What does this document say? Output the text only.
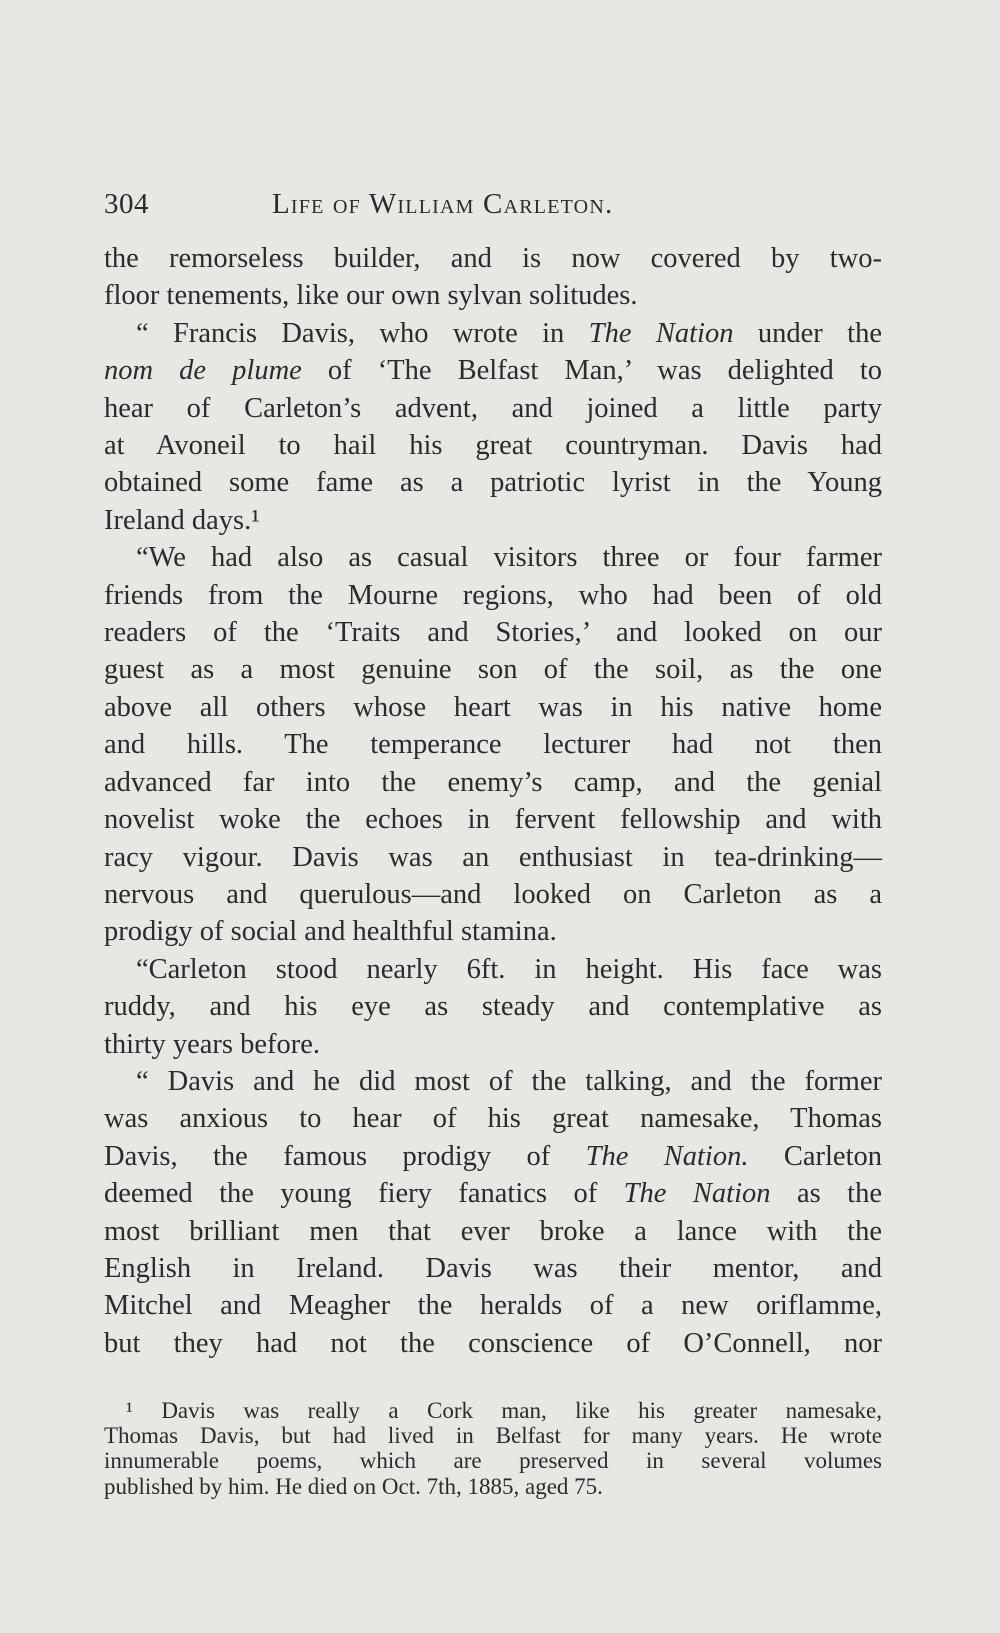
304	Life of William Carleton.
the remorseless builder, and is now covered by two-
floor tenements, like our own sylvan solitudes.
“ Francis Davis, who wrote in The Nation under the
nom de plume of ‘The Belfast Man,’ was delighted to
hear of Carleton’s advent, and joined a little party
at Avoneil to hail his great countryman. Davis had
obtained some fame as a patriotic lyrist in the Young
Ireland days.¹
“We had also as casual visitors three or four farmer
friends from the Mourne regions, who had been of old
readers of the ‘Traits and Stories,’ and looked on our
guest as a most genuine son of the soil, as the one
above all others whose heart was in his native home
and hills. The temperance lecturer had not then
advanced far into the enemy’s camp, and the genial
novelist woke the echoes in fervent fellowship and with
racy vigour. Davis was an enthusiast in tea-drinking—
nervous and querulous—and looked on Carleton as a
prodigy of social and healthful stamina.
“Carleton stood nearly 6ft. in height. His face was
ruddy, and his eye as steady and contemplative as
thirty years before.
“ Davis and he did most of the talking, and the former
was anxious to hear of his great namesake, Thomas
Davis, the famous prodigy of The Nation. Carleton
deemed the young fiery fanatics of The Nation as the
most brilliant men that ever broke a lance with the
English in Ireland. Davis was their mentor, and
Mitchel and Meagher the heralds of a new oriflamme,
but they had not the conscience of O’Connell, nor
¹ Davis was really a Cork man, like his greater namesake,
Thomas Davis, but had lived in Belfast for many years. He wrote
innumerable poems, which are preserved in several volumes
published by him. He died on Oct. 7th, 1885, aged 75.
